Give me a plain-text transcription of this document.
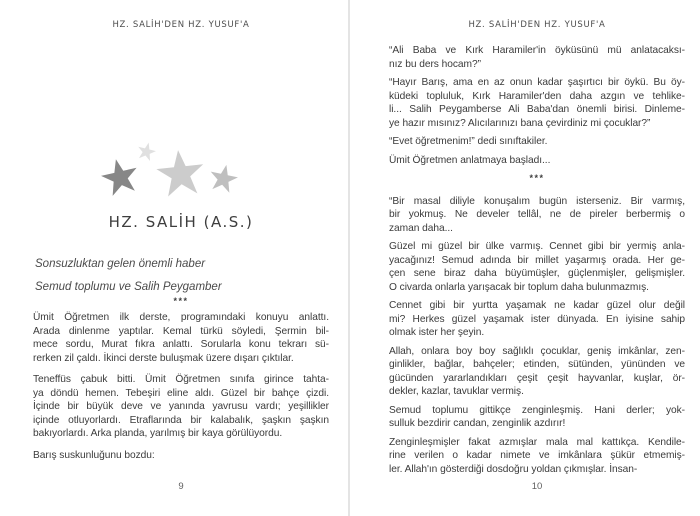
HZ. SALİH'DEN HZ. YUSUF'A
HZ. SALİH (A.S.)
Sonsuzluktan gelen önemli haber
Semud toplumu ve Salih Peygamber
***

Ümit Öğretmen ilk derste, programındaki konuyu anlattı.
Arada dinlenme yaptılar. Kemal türkü söyledi, Şermin bil-
mece sordu, Murat fıkra anlattı. Sorularla konu tekrarı sü-
rerken zil çaldı. İkinci derste buluşmak üzere dışarı çıktılar.

Teneffüs çabuk bitti. Ümit Öğretmen sınıfa girince tahta-
ya döndü hemen. Tebeşiri eline aldı. Güzel bir bahçe çizdi.
İçinde bir büyük deve ve yanında yavrusu vardı; yeşillikler
içinde otluyorlardı. Etraflarında bir kalabalık, şaşkın şaşkın
bakıyorlardı. Arka planda, yarılmış bir kaya görülüyordu.

Barış suskunluğunu bozdu:

9
HZ. SALİH'DEN HZ. YUSUF'A

“Ali Baba ve Kırk Haramiler'in öyküsünü mü anlatacaksı-
nız bu ders hocam?”

“Hayır Barış, ama en az onun kadar şaşırtıcı bir öykü. Bu öy-
küdeki topluluk, Kırk Haramiler'den daha azgın ve tehlike-
li... Salih Peygamberse Ali Baba'dan önemli birisi. Dinleme-
ye hazır mısınız? Alıcılarınızı bana çevirdiniz mi çocuklar?”

“Evet öğretmenim!” dedi sınıftakiler.

Ümit Öğretmen anlatmaya başladı...

***

“Bir masal diliyle konuşalım bugün isterseniz. Bir varmış,
bir yokmuş. Ne develer tellâl, ne de pireler berbermiş o
zaman daha...

Güzel mi güzel bir ülke varmış. Cennet gibi bir yermiş anla-
yacağınız! Semud adında bir millet yaşarmış orada. Her ge-
çen sene biraz daha büyümüşler, güçlenmişler, gelişmişler.
O civarda onlarla yarışacak bir toplum daha bulunmazmış.

Cennet gibi bir yurtta yaşamak ne kadar güzel olur değil
mi? Herkes güzel yaşamak ister dünyada. En iyisine sahip
olmak ister her şeyin.

Allah, onlara boy boy sağlıklı çocuklar, geniş imkânlar, zen-
ginlikler, bağlar, bahçeler; etinden, sütünden, yününden ve
gücünden yararlandıkları çeşit çeşit hayvanlar, kuşlar, ör-
dekler, kazlar, tavuklar vermiş.

Semud toplumu gittikçe zenginleşmiş. Hani derler; yok-
sulluk bezdirir candan, zenginlik azdırır!

Zenginleşmişler fakat azmışlar mala mal kattıkça. Kendile-
rine verilen o kadar nimete ve imkânlara şükür etmemiş-
ler. Allah'ın gösterdiği dosdoğru yoldan çıkmışlar. İnsan-

10
